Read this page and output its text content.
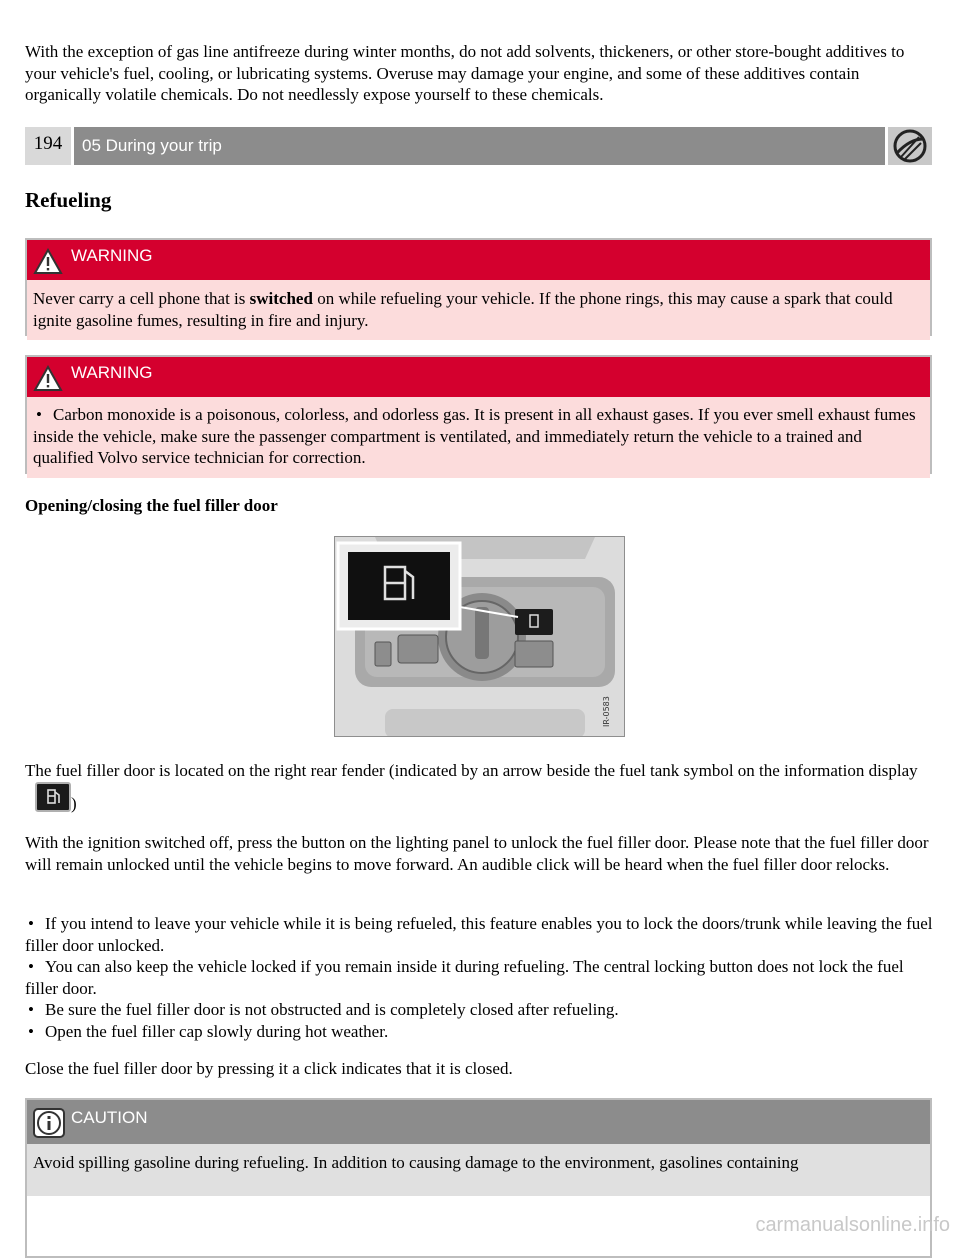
With the exception of gas line antifreeze during winter months, do not add solvents, thickeners, or other store-bought additives to your vehicle's fuel, cooling, or lubricating systems. Overuse may damage your engine, and some of these additives contain organically volatile chemicals. Do not needlessly expose yourself to these chemicals.

194	05 During your trip
Refueling
WARNING
Never carry a cell phone that is switched on while refueling your vehicle. If the phone rings, this may cause a spark that could ignite gasoline fumes, resulting in fire and injury.
WARNING
• Carbon monoxide is a poisonous, colorless, and odorless gas. It is present in all exhaust gases. If you ever smell exhaust fumes inside the vehicle, make sure the passenger compartment is ventilated, and immediately return the vehicle to a trained and qualified Volvo service technician for correction.

Opening/closing the fuel filler door

IR-0583

The fuel filler door is located on the right rear fender (indicated by an arrow beside the fuel tank symbol on the information display
)

With the ignition switched off, press the button on the lighting panel to unlock the fuel filler door. Please note that the fuel filler door will remain unlocked until the vehicle begins to move forward. An audible click will be heard when the fuel filler door relocks.

• If you intend to leave your vehicle while it is being refueled, this feature enables you to lock the doors/trunk while leaving the fuel filler door unlocked.
• You can also keep the vehicle locked if you remain inside it during refueling. The central locking button does not lock the fuel filler door.
• Be sure the fuel filler door is not obstructed and is completely closed after refueling.
• Open the fuel filler cap slowly during hot weather.

Close the fuel filler door by pressing it a click indicates that it is closed.

CAUTION
Avoid spilling gasoline during refueling. In addition to causing damage to the environment, gasolines containing
carmanualsonline.info
